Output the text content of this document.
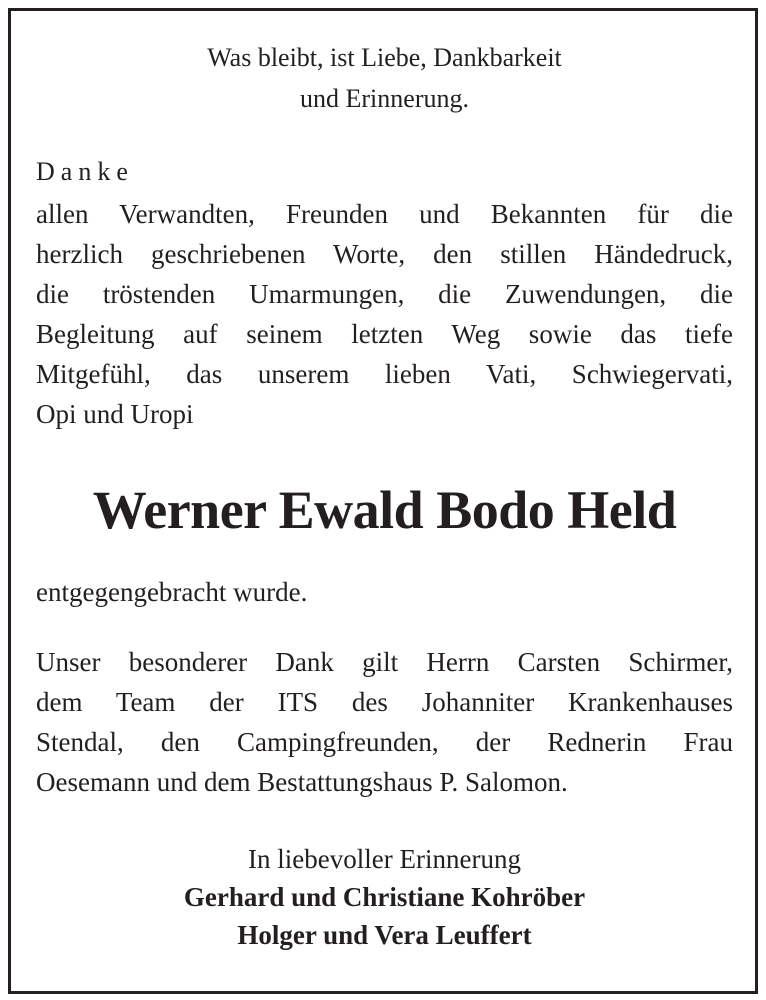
Was bleibt, ist Liebe, Dankbarkeit
und Erinnerung.

Danke

allen Verwandten, Freunden und Bekannten für die
herzlich geschriebenen Worte, den stillen Händedruck,
die tröstenden Umarmungen, die Zuwendungen, die
Begleitung auf seinem letzten Weg sowie das tiefe
Mitgefühl, das unserem lieben Vati, Schwiegervati,
Opi und Uropi

Werner Ewald Bodo Held

entgegengebracht wurde.

Unser besonderer Dank gilt Herrn Carsten Schirmer,
dem Team der ITS des Johanniter Krankenhauses
Stendal, den Campingfreunden, der Rednerin Frau
Oesemann und dem Bestattungshaus P. Salomon.

In liebevoller Erinnerung
Gerhard und Christiane Kohröber
Holger und Vera Leuffert
